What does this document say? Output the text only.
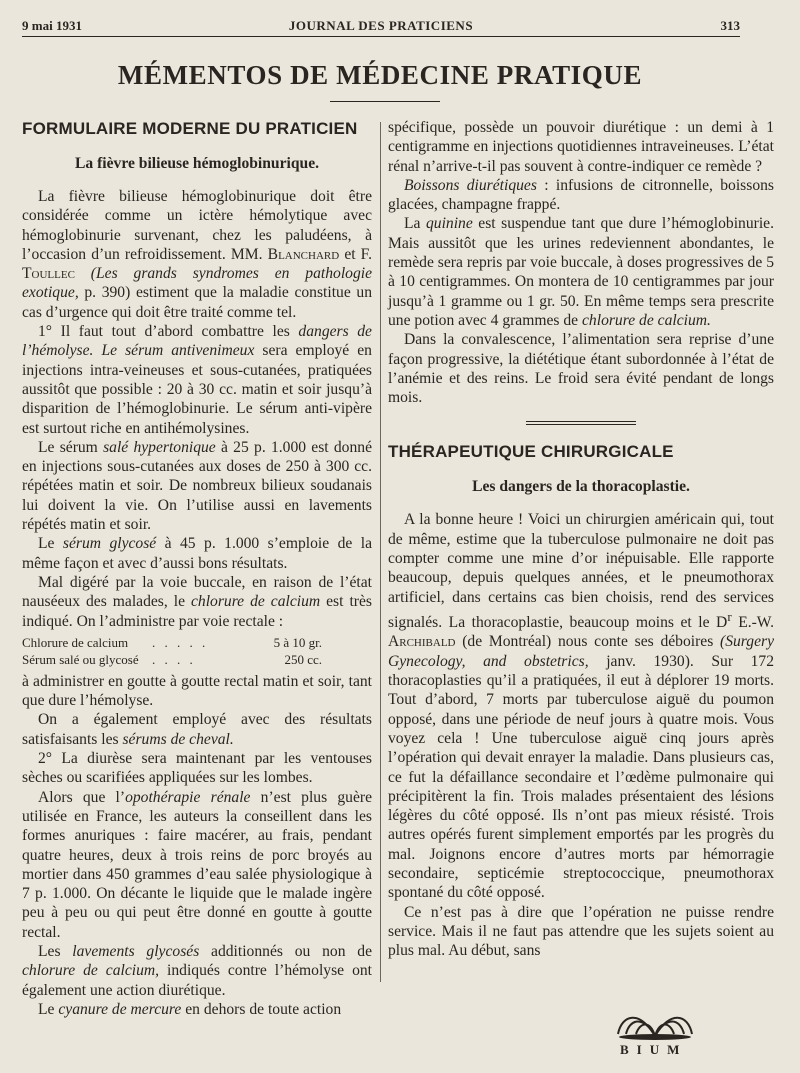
9 mai 1931	JOURNAL DES PRATICIENS	313
MÉMENTOS DE MÉDECINE PRATIQUE
FORMULAIRE MODERNE DU PRATICIEN
La fièvre bilieuse hémoglobinurique.

La fièvre bilieuse hémoglobinurique doit être considérée comme un ictère hémolytique avec hémoglobinurie survenant, chez les paludéens, à l’occasion d’un refroidissement. MM. Blanchard et F. Toullec (Les grands syndromes en pathologie exotique, p. 390) estiment que la maladie constitue un cas d’urgence qui doit être traité comme tel.

1° Il faut tout d’abord combattre les dangers de l’hémolyse. Le sérum antivenimeux sera employé en injections intra-veineuses et sous-cutanées, pratiquées aussitôt que possible : 20 à 30 cc. matin et soir jusqu’à disparition de l’hémoglobinurie. Le sérum anti-vipère est surtout riche en antihémolysines.

Le sérum salé hypertonique à 25 p. 1.000 est donné en injections sous-cutanées aux doses de 250 à 300 cc. répétées matin et soir. De nombreux bilieux soudanais lui doivent la vie. On l’utilise aussi en lavements répétés matin et soir.

Le sérum glycosé à 45 p. 1.000 s’emploie de la même façon et avec d’aussi bons résultats.

Mal digéré par la voie buccale, en raison de l’état nauséeux des malades, le chlorure de calcium est très indiqué. On l’administre par voie rectale :

Chlorure de calcium	. . . . .	5 à 10 gr.
Sérum salé ou glycosé	. . . .	250 cc.

à administrer en goutte à goutte rectal matin et soir, tant que dure l’hémolyse.

On a également employé avec des résultats satisfaisants les sérums de cheval.

2° La diurèse sera maintenant par les ventouses sèches ou scarifiées appliquées sur les lombes.

Alors que l’opothérapie rénale n’est plus guère utilisée en France, les auteurs la conseillent dans les formes anuriques : faire macérer, au frais, pendant quatre heures, deux à trois reins de porc broyés au mortier dans 450 grammes d’eau salée physiologique à 7 p. 1.000. On décante le liquide que le malade ingère peu à peu ou qui peut être donné en goutte à goutte rectal.

Les lavements glycosés additionnés ou non de chlorure de calcium, indiqués contre l’hémolyse ont également une action diurétique.

Le cyanure de mercure en dehors de toute action

spécifique, possède un pouvoir diurétique : un demi à 1 centigramme en injections quotidiennes intraveineuses. L’état rénal n’arrive-t-il pas souvent à contre-indiquer ce remède ?

Boissons diurétiques : infusions de citronnelle, boissons glacées, champagne frappé.

La quinine est suspendue tant que dure l’hémoglobinurie. Mais aussitôt que les urines redeviennent abondantes, le remède sera repris par voie buccale, à doses progressives de 5 à 10 centigrammes. On montera de 10 centigrammes par jour jusqu’à 1 gramme ou 1 gr. 50. En même temps sera prescrite une potion avec 4 grammes de chlorure de calcium.

Dans la convalescence, l’alimentation sera reprise d’une façon progressive, la diététique étant subordonnée à l’état de l’anémie et des reins. Le froid sera évité pendant de longs mois.

THÉRAPEUTIQUE CHIRURGICALE
Les dangers de la thoracoplastie.

A la bonne heure ! Voici un chirurgien américain qui, tout de même, estime que la tuberculose pulmonaire ne doit pas compter comme une mine d’or inépuisable. Elle rapporte beaucoup, depuis quelques années, et le pneumothorax artificiel, dans certains cas bien choisis, rend des services signalés. La thoracoplastie, beaucoup moins et le $D^r$ E.-W. Archibald (de Montréal) nous conte ses déboires (Surgery Gynecology, and obstetrics, janv. 1930). Sur 172 thoracoplasties qu’il a pratiquées, il eut à déplorer 19 morts. Tout d’abord, 7 morts par tuberculose aiguë du poumon opposé, dans une période de neuf jours à quatre mois. Vous voyez cela ! Une tuberculose aiguë cinq jours après l’opération qui devait enrayer la maladie. Dans plusieurs cas, ce fut la défaillance secondaire et l’œdème pulmonaire qui précipitèrent la fin. Trois malades présentaient des lésions légères du côté opposé. Ils n’ont pas mieux résisté. Trois autres opérés furent simplement emportés par les progrès du mal. Joignons encore d’autres morts par hémorragie secondaire, septicémie streptococcique, pneumothorax spontané du côté opposé.

Ce n’est pas à dire que l’opération ne puisse rendre service. Mais il ne faut pas attendre que les sujets soient au plus mal. Au début, sans

BIUM
